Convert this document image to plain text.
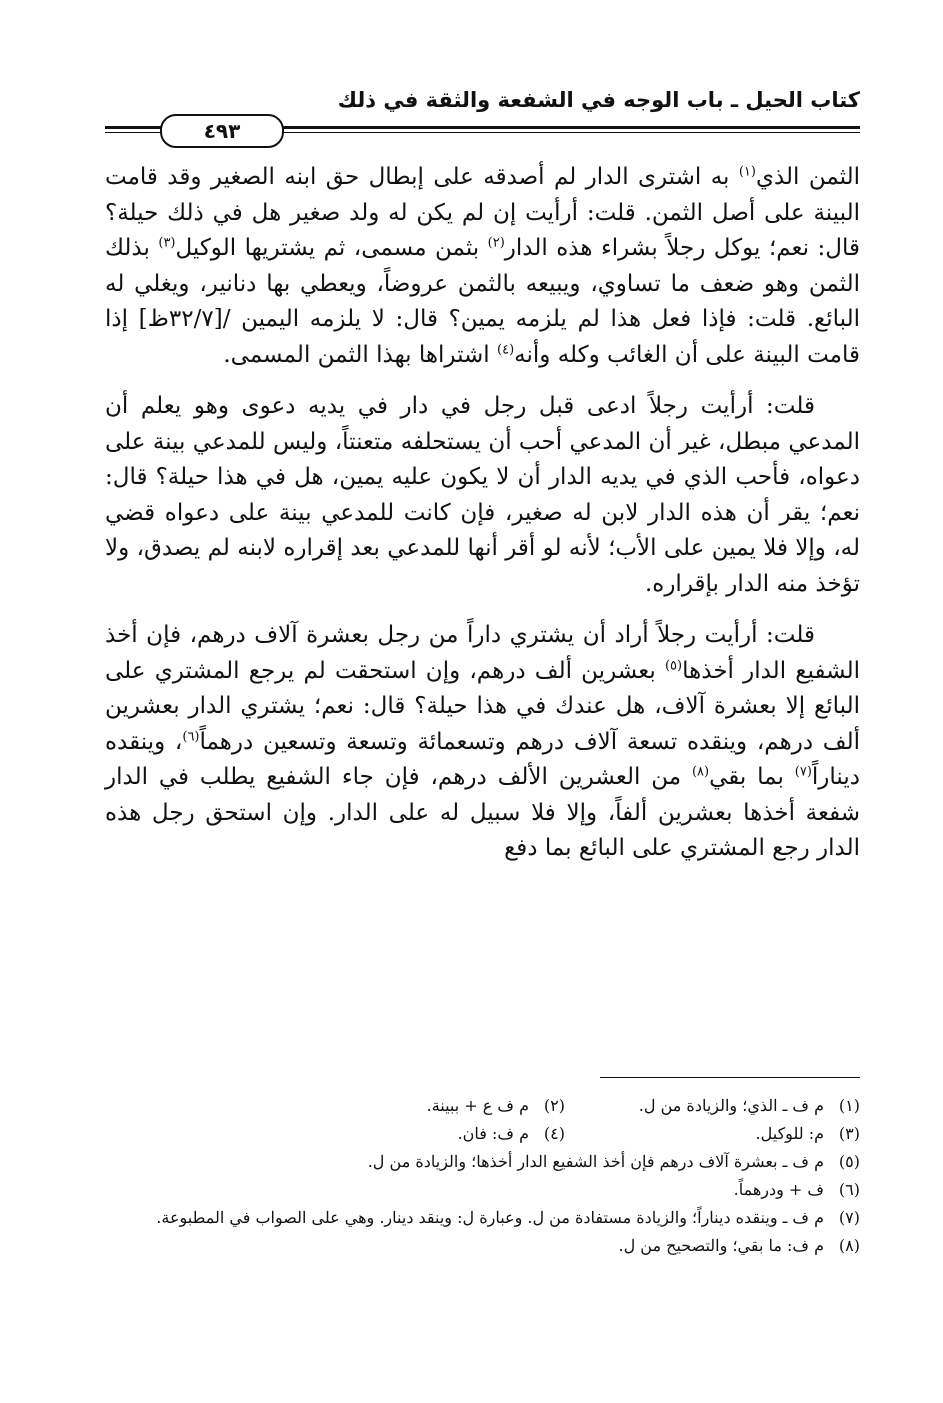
كتاب الحيل ـ باب الوجه في الشفعة والثقة في ذلك
٤٩٣

الثمن الذي$^{(١)}$ به اشترى الدار لم أصدقه على إبطال حق ابنه الصغير وقد قامت البينة على أصل الثمن. قلت: أرأيت إن لم يكن له ولد صغير هل في ذلك حيلة؟ قال: نعم؛ يوكل رجلاً بشراء هذه الدار$^{(٢)}$ بثمن مسمى، ثم يشتريها الوكيل$^{(٣)}$ بذلك الثمن وهو ضعف ما تساوي، ويبيعه بالثمن عروضاً، ويعطي بها دنانير، ويغلي له البائع. قلت: فإذا فعل هذا لم يلزمه يمين؟ قال: لا يلزمه اليمين /[٣٢/٧ظ] إذا قامت البينة على أن الغائب وكله وأنه$^{(٤)}$ اشتراها بهذا الثمن المسمى.

قلت: أرأيت رجلاً ادعى قبل رجل في دار في يديه دعوى وهو يعلم أن المدعي مبطل، غير أن المدعي أحب أن يستحلفه متعنتاً، وليس للمدعي بينة على دعواه، فأحب الذي في يديه الدار أن لا يكون عليه يمين، هل في هذا حيلة؟ قال: نعم؛ يقر أن هذه الدار لابن له صغير، فإن كانت للمدعي بينة على دعواه قضي له، وإلا فلا يمين على الأب؛ لأنه لو أقر أنها للمدعي بعد إقراره لابنه لم يصدق، ولا تؤخذ منه الدار بإقراره.

قلت: أرأيت رجلاً أراد أن يشتري داراً من رجل بعشرة آلاف درهم، فإن أخذ الشفيع الدار أخذها$^{(٥)}$ بعشرين ألف درهم، وإن استحقت لم يرجع المشتري على البائع إلا بعشرة آلاف، هل عندك في هذا حيلة؟ قال: نعم؛ يشتري الدار بعشرين ألف درهم، وينقده تسعة آلاف درهم وتسعمائة وتسعة وتسعين درهماً$^{(٦)}$، وينقده ديناراً$^{(٧)}$ بما بقي$^{(٨)}$ من العشرين الألف درهم، فإن جاء الشفيع يطلب في الدار شفعة أخذها بعشرين ألفاً، وإلا فلا سبيل له على الدار. وإن استحق رجل هذه الدار رجع المشتري على البائع بما دفع

(١)
م ف ـ الذي؛ والزيادة من ل.
(٢)
م ف ع + ببينة.
(٣)
م: للوكيل.
(٤)
م ف: فان.
(٥)
م ف ـ بعشرة آلاف درهم فإن أخذ الشفيع الدار أخذها؛ والزيادة من ل.
(٦)
ف + ودرهماً.
(٧)
م ف ـ وينقده ديناراً؛ والزيادة مستفادة من ل. وعبارة ل: وينقد دينار. وهي على الصواب في المطبوعة.
(٨)
م ف: ما بقي؛ والتصحيح من ل.
